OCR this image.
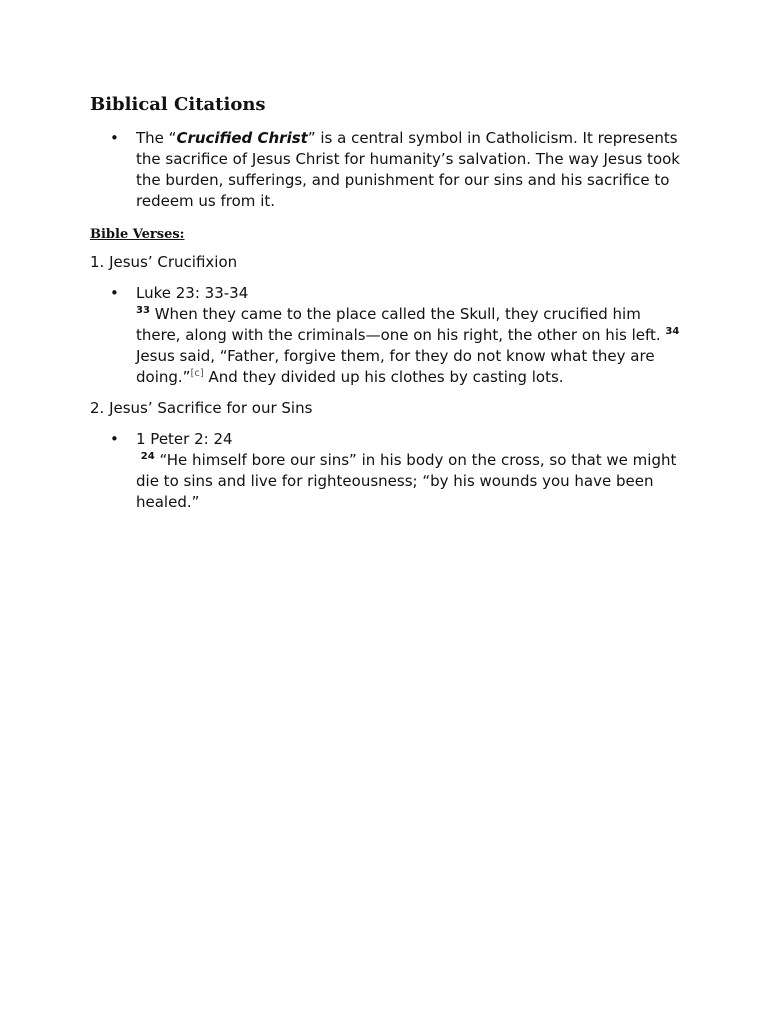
Biblical Citations
• The “Crucified Christ” is a central symbol in Catholicism. It represents the sacrifice of Jesus Christ for humanity’s salvation. The way Jesus took the burden, sufferings, and punishment for our sins and his sacrifice to redeem us from it.
Bible Verses:
1. Jesus’ Crucifixion
• Luke 23: 33-34
$^{33}$ When they came to the place called the Skull, they crucified him there, along with the criminals—one on his right, the other on his left. $^{34}$ Jesus said, “Father, forgive them, for they do not know what they are doing.”[c] And they divided up his clothes by casting lots.
2. Jesus’ Sacrifice for our Sins
• 1 Peter 2: 24
$^{24}$ “He himself bore our sins” in his body on the cross, so that we might die to sins and live for righteousness; “by his wounds you have been healed.”
